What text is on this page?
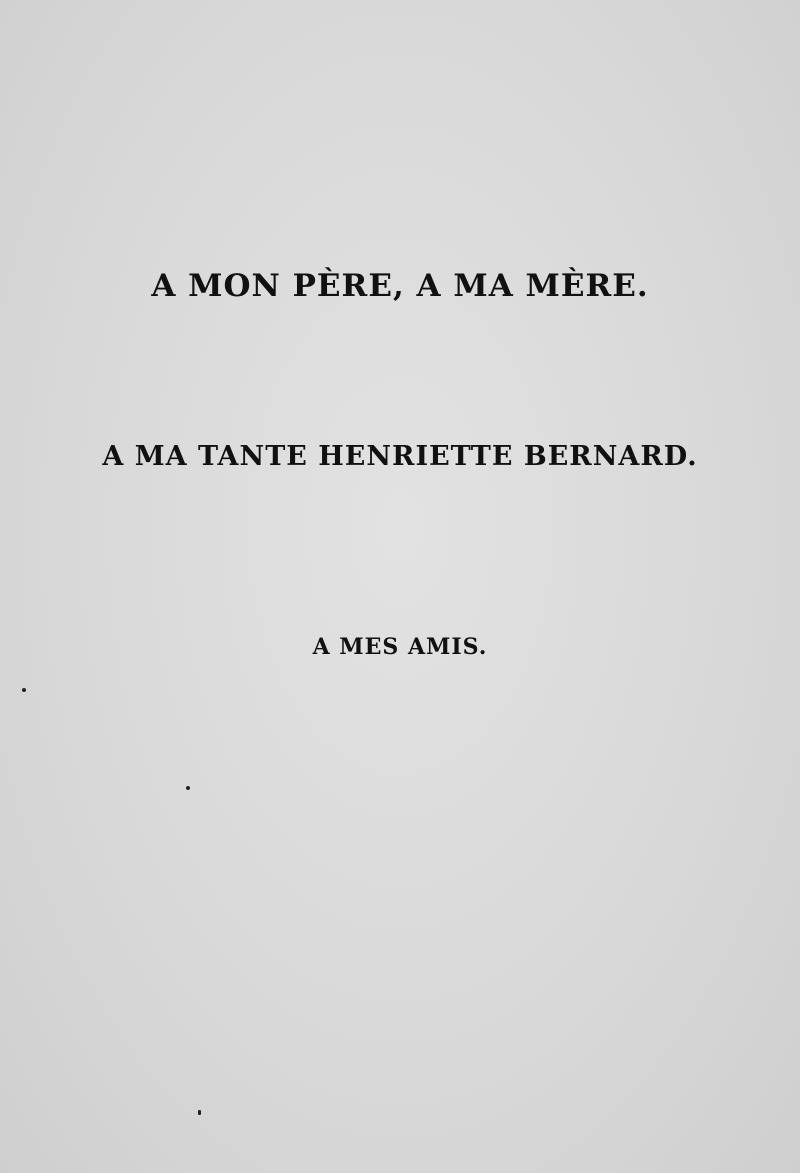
A MON PÈRE, A MA MÈRE.
A MA TANTE HENRIETTE BERNARD.
A MES AMIS.
